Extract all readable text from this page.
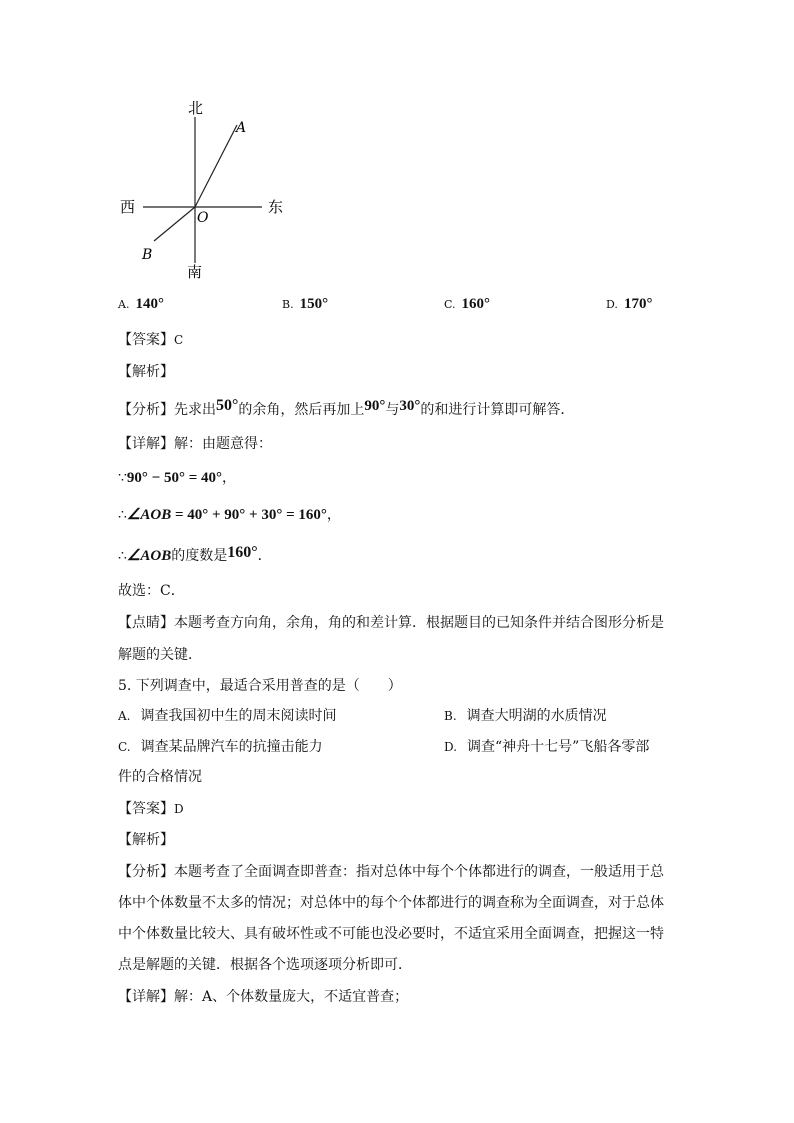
北
南
西	东
A
B
O
A. 140°	B. 150°	C. 160°	D. 170°
【答案】C
【解析】
【分析】先求出50°的余角，然后再加上90°与30°的和进行计算即可解答．
【详解】解：由题意得：
∵90° − 50° = 40°，
∴∠AOB = 40° + 90° + 30° = 160°，
∴∠AOB的度数是160°．
故选：C．
【点睛】本题考查方向角，余角，角的和差计算．根据题目的已知条件并结合图形分析是
解题的关键．
5. 下列调查中，最适合采用普查的是（　　）
A. 调查我国初中生的周末阅读时间	B. 调查大明湖的水质情况
C. 调查某品牌汽车的抗撞击能力	D. 调查“神舟十七号”飞船各零部
件的合格情况
【答案】D
【解析】
【分析】本题考查了全面调查即普查：指对总体中每个个体都进行的调查，一般适用于总
体中个体数量不太多的情况；对总体中的每个个体都进行的调查称为全面调查，对于总体
中个体数量比较大、具有破坏性或不可能也没必要时，不适宜采用全面调查，把握这一特
点是解题的关键．根据各个选项逐项分析即可．
【详解】解：A、个体数量庞大，不适宜普查；
